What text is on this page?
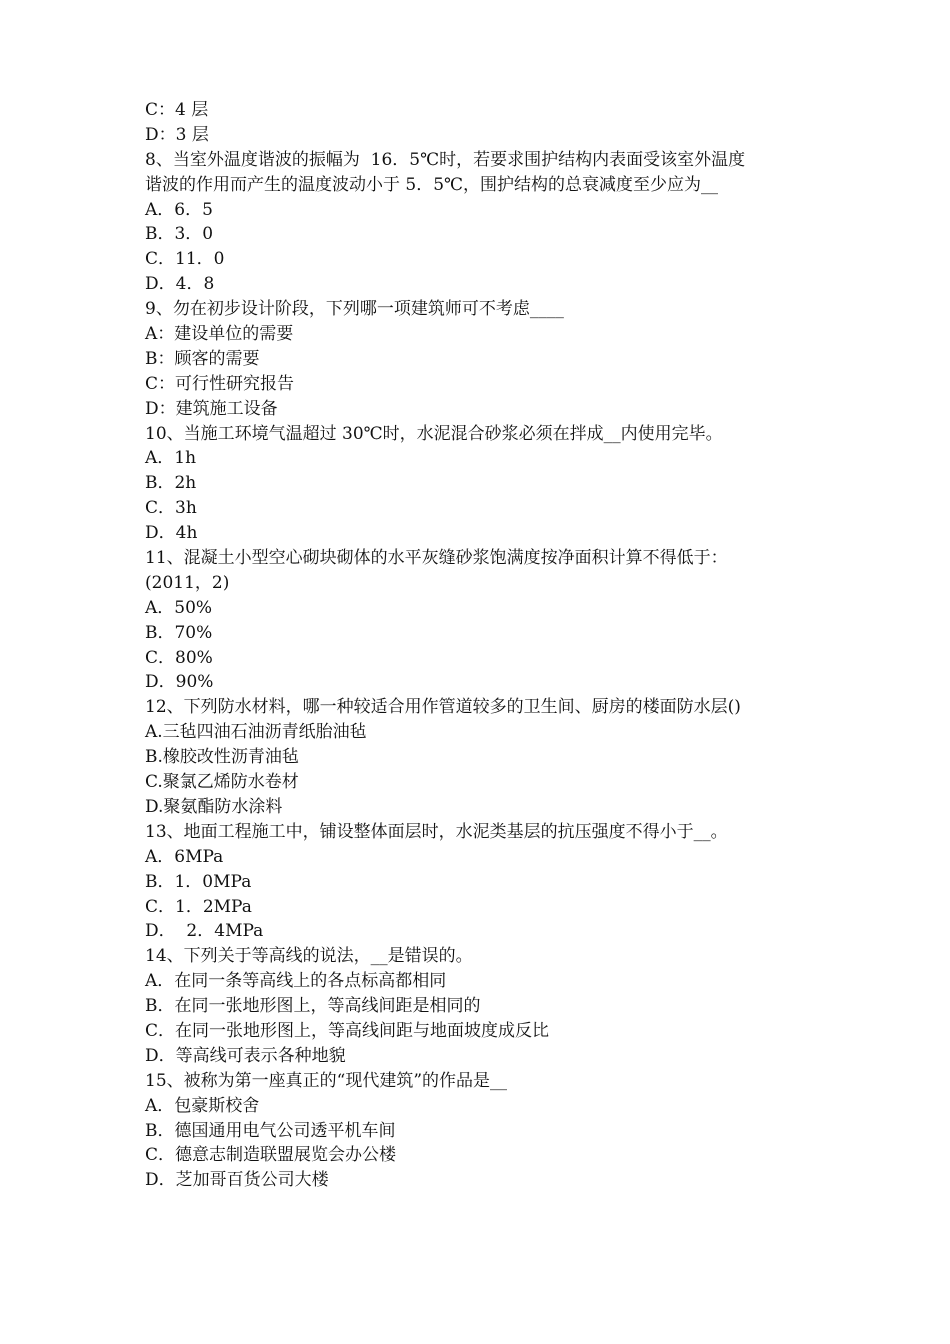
C：4 层
D：3 层
8、当室外温度谐波的振幅为  16．5℃时，若要求围护结构内表面受该室外温度
谐波的作用而产生的温度波动小于 5．5℃，围护结构的总衰减度至少应为__
A．6．5
B．3．0
C．11．0
D．4．8
9、勿在初步设计阶段，下列哪一项建筑师可不考虑____
A：建设单位的需要
B：顾客的需要
C：可行性研究报告
D：建筑施工设备
10、当施工环境气温超过 30℃时，水泥混合砂浆必须在拌成__内使用完毕。
A．1h
B．2h
C．3h
D．4h
11、混凝土小型空心砌块砌体的水平灰缝砂浆饱满度按净面积计算不得低于：
(2011，2)
A．50%
B．70%
C．80%
D．90%
12、下列防水材料，哪一种较适合用作管道较多的卫生间、厨房的楼面防水层()
A.三毡四油石油沥青纸胎油毡
B.橡胶改性沥青油毡
C.聚氯乙烯防水卷材
D.聚氨酯防水涂料
13、地面工程施工中，铺设整体面层时，水泥类基层的抗压强度不得小于__。
A．6MPa
B．1．0MPa
C．1．2MPa
D．  2．4MPa
14、下列关于等高线的说法，__是错误的。
A．在同一条等高线上的各点标高都相同
B．在同一张地形图上，等高线间距是相同的
C．在同一张地形图上，等高线间距与地面坡度成反比
D．等高线可表示各种地貌
15、被称为第一座真正的“现代建筑”的作品是__
A．包豪斯校舍
B．德国通用电气公司透平机车间
C．德意志制造联盟展览会办公楼
D．芝加哥百货公司大楼
